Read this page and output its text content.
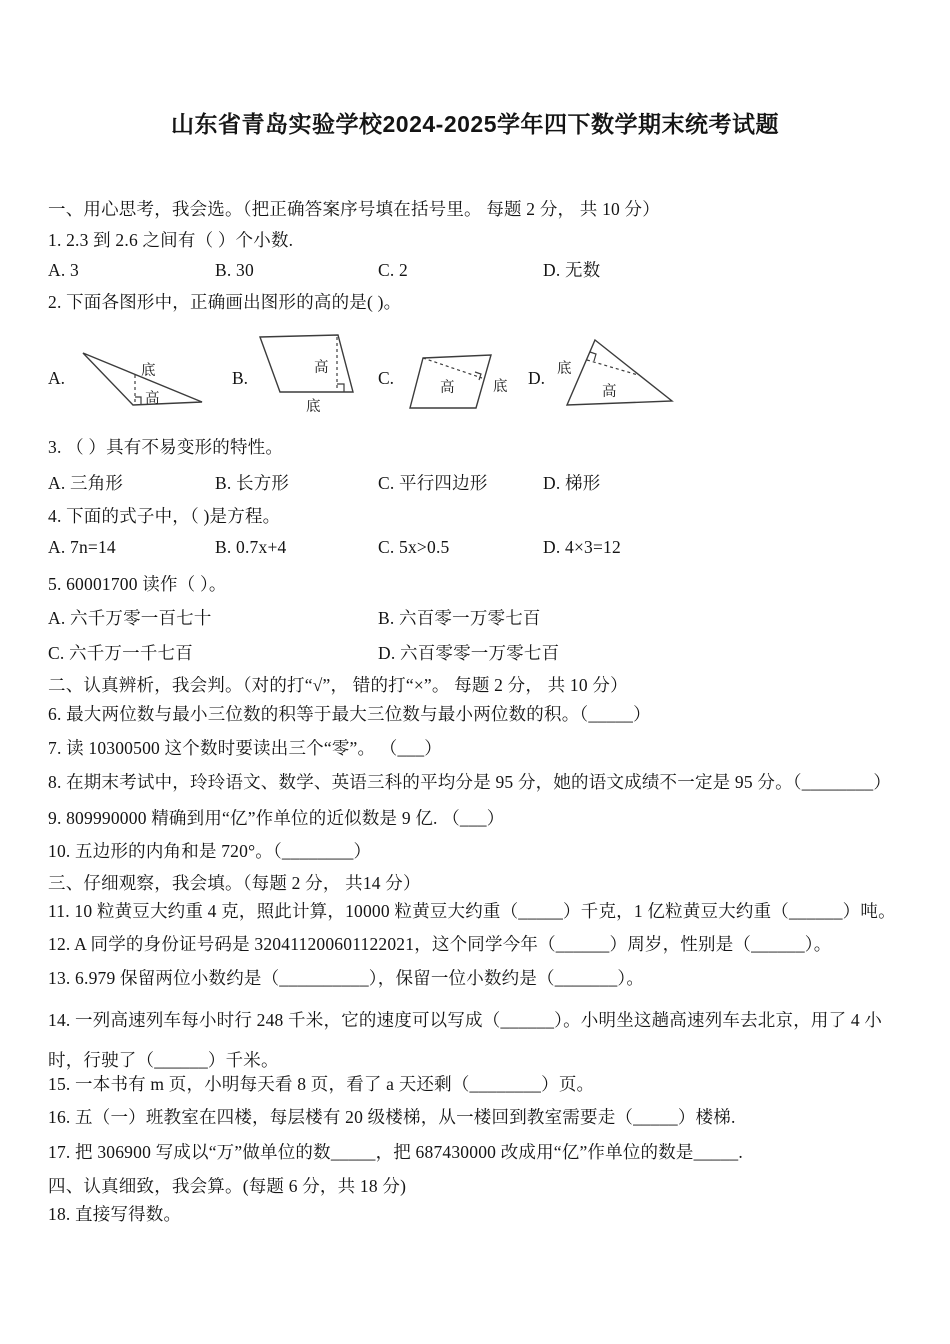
山东省青岛实验学校2024-2025学年四下数学期末统考试题
一、用心思考，我会选。（把正确答案序号填在括号里。 每题 2 分， 共 10 分）
1. 2.3 到 2.6 之间有（ ）个小数.
A. 3	B. 30	C. 2	D. 无数
2. 下面各图形中，正确画出图形的高的是( )。
A.	底
高
B.	高
底
C.	高	底 D. 底
高
3. （ ）具有不易变形的特性。
A. 三角形	B. 长方形	C. 平行四边形	D. 梯形
4. 下面的式子中，（ )是方程。
A. 7n=14	B. 0.7x+4	C. 5x>0.5	D. 4×3=12
5. 60001700 读作（ ）。
A. 六千万零一百七十	B. 六百零一万零七百
C. 六千万一千七百	D. 六百零零一万零七百
二、认真辨析，我会判。（对的打“√”， 错的打“×”。 每题 2 分， 共 10 分）
6. 最大两位数与最小三位数的积等于最大三位数与最小两位数的积。（_____）
7. 读 10300500 这个数时要读出三个“零”。 （___）
8. 在期末考试中，玲玲语文、数学、英语三科的平均分是 95 分，她的语文成绩不一定是 95 分。（________）
9. 809990000 精确到用“亿”作单位的近似数是 9 亿. （___）
10. 五边形的内角和是 720°。（________）
三、仔细观察，我会填。（每题 2 分， 共14 分）
11. 10 粒黄豆大约重 4 克，照此计算，10000 粒黄豆大约重（_____）千克，1 亿粒黄豆大约重（______）吨。
12. A 同学的身份证号码是 320411200601122021，这个同学今年（______）周岁，性别是（______）。
13. 6.979 保留两位小数约是（__________），保留一位小数约是（_______）。
14. 一列高速列车每小时行 248 千米，它的速度可以写成（______）。小明坐这趟高速列车去北京，用了 4 小时，行驶了（______）千米。
15. 一本书有 m 页，小明每天看 8 页，看了 a 天还剩（________）页。
16. 五（一）班教室在四楼，每层楼有 20 级楼梯，从一楼回到教室需要走（_____）楼梯.
17. 把 306900 写成以“万”做单位的数_____，把 687430000 改成用“亿”作单位的数是_____.
四、认真细致，我会算。(每题 6 分，共 18 分)
18. 直接写得数。
